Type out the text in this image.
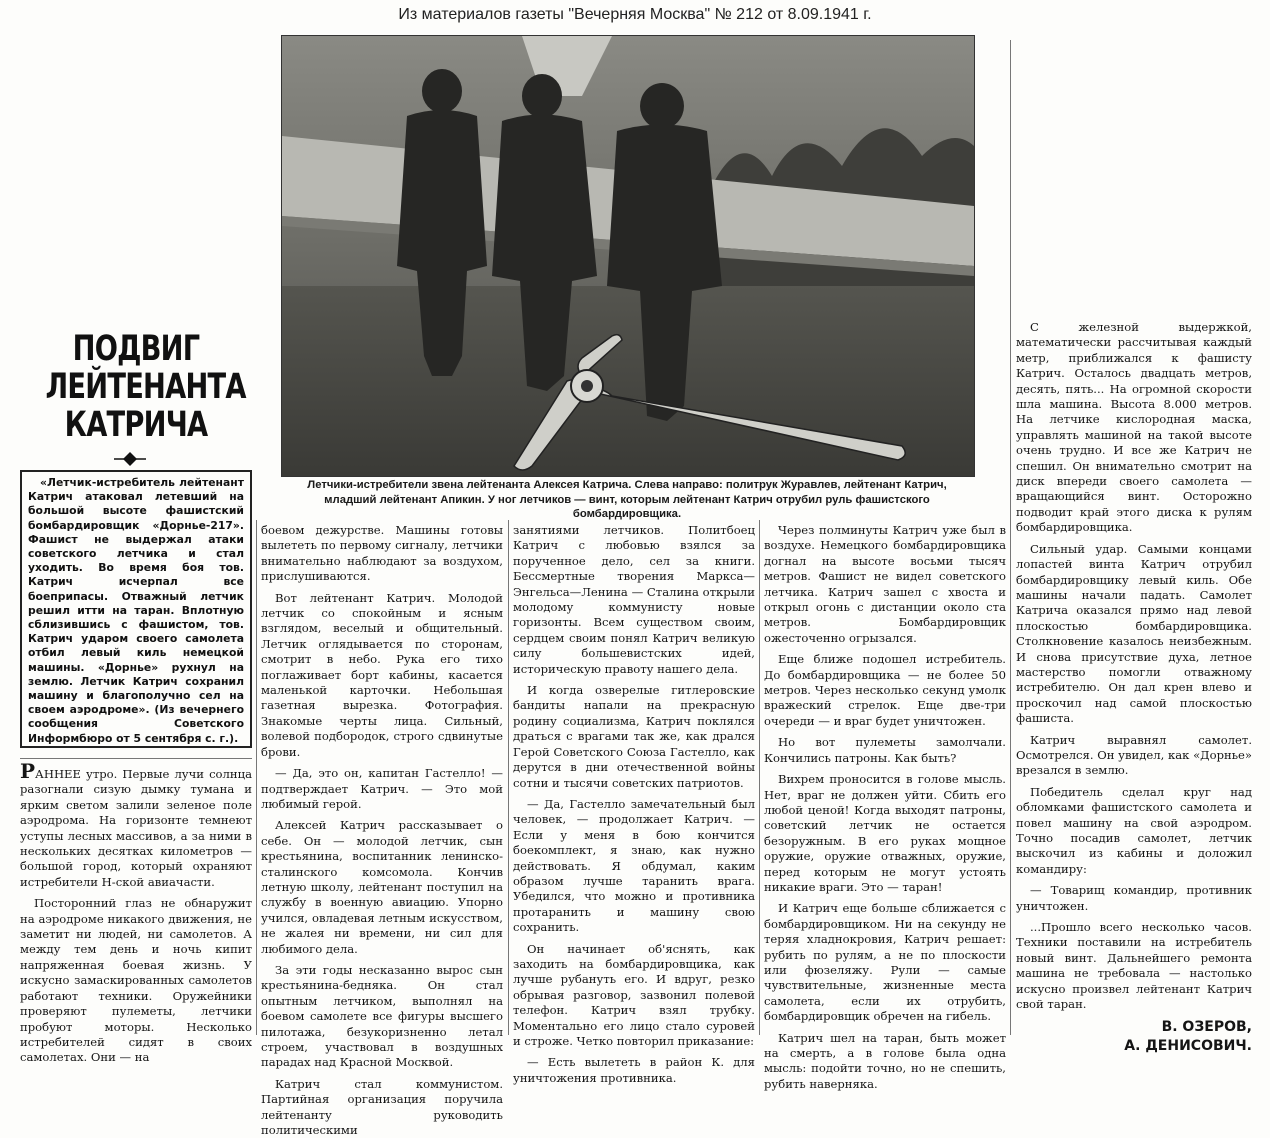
Из материалов газеты "Вечерняя Москва" № 212 от 8.09.1941 г.
Летчики-истребители звена лейтенанта Алексея Катрича. Слева направо: политрук Журавлев, лейтенант Катрич, младший лейтенант Апикин. У ног летчиков — винт, которым лейтенант Катрич отрубил руль фашистского бомбардировщика.
ПОДВИГ
ЛЕЙТЕНАНТА
КАТРИЧА

«Летчик-истребитель лейтенант Катрич атаковал летевший на большой высоте фашистский бомбардировщик «Дорнье-217». Фашист не выдержал атаки советского летчика и стал уходить. Во время боя тов. Катрич исчерпал все боеприпасы. Отважный летчик решил итти на таран. Вплотную сблизившись с фашистом, тов. Катрич ударом своего самолета отбил левый киль немецкой машины. «Дорнье» рухнул на землю. Летчик Катрич сохранил машину и благополучно сел на своем аэродроме». (Из вечернего сообщения Советского Информбюро от 5 сентября с. г.).

РАННЕЕ утро. Первые лучи солнца разогнали сизую дымку тумана и ярким светом залили зеленое поле аэродрома. На горизонте темнеют уступы лесных массивов, а за ними в нескольких десятках километров — большой город, который охраняют истребители Н-ской авиачасти.

Посторонний глаз не обнаружит на аэродроме никакого движения, не заметит ни людей, ни самолетов. А между тем день и ночь кипит напряженная боевая жизнь. У искусно замаскированных самолетов работают техники. Оружейники проверяют пулеметы, летчики пробуют моторы. Несколько истребителей сидят в своих самолетах. Они — на

боевом дежурстве. Машины готовы вылететь по первому сигналу, летчики внимательно наблюдают за воздухом, прислушиваются.

Вот лейтенант Катрич. Молодой летчик со спокойным и ясным взглядом, веселый и общительный. Летчик оглядывается по сторонам, смотрит в небо. Рука его тихо поглаживает борт кабины, касается маленькой карточки. Небольшая газетная вырезка. Фотография. Знакомые черты лица. Сильный, волевой подбородок, строго сдвинутые брови.

— Да, это он, капитан Гастелло! — подтверждает Катрич. — Это мой любимый герой.

Алексей Катрич рассказывает о себе. Он — молодой летчик, сын крестьянина, воспитанник ленинско-сталинского комсомола. Кончив летную школу, лейтенант поступил на службу в военную авиацию. Упорно учился, овладевая летным искусством, не жалея ни времени, ни сил для любимого дела.

За эти годы несказанно вырос сын крестьянина-бедняка. Он стал опытным летчиком, выполнял на боевом самолете все фигуры высшего пилотажа, безукоризненно летал строем, участвовал в воздушных парадах над Красной Москвой.

Катрич стал коммунистом. Партийная организация поручила лейтенанту руководить политическими

занятиями летчиков. Политбоец Катрич с любовью взялся за порученное дело, сел за книги. Бессмертные творения Маркса—Энгельса—Ленина — Сталина открыли молодому коммунисту новые горизонты. Всем существом своим, сердцем своим понял Катрич великую силу большевистских идей, историческую правоту нашего дела.

И когда озверелые гитлеровские бандиты напали на прекрасную родину социализма, Катрич поклялся драться с врагами так же, как дрался Герой Советского Союза Гастелло, как дерутся в дни отечественной войны сотни и тысячи советских патриотов.

— Да, Гастелло замечательный был человек, — продолжает Катрич. — Если у меня в бою кончится боекомплект, я знаю, как нужно действовать. Я обдумал, каким образом лучше таранить врага. Убедился, что можно и противника протаранить и машину свою сохранить.

Он начинает об'яснять, как заходить на бомбардировщика, как лучше рубануть его. И вдруг, резко обрывая разговор, зазвонил полевой телефон. Катрич взял трубку. Моментально его лицо стало суровей и строже. Четко повторил приказание:

— Есть вылететь в район К. для уничтожения противника.

Через полминуты Катрич уже был в воздухе. Немецкого бомбардировщика догнал на высоте восьми тысяч метров. Фашист не видел советского летчика. Катрич зашел с хвоста и открыл огонь с дистанции около ста метров. Бомбардировщик ожесточенно огрызался.

Еще ближе подошел истребитель. До бомбардировщика — не более 50 метров. Через несколько секунд умолк вражеский стрелок. Еще две-три очереди — и враг будет уничтожен.

Но вот пулеметы замолчали. Кончились патроны. Как быть?

Вихрем проносится в голове мысль. Нет, враг не должен уйти. Сбить его любой ценой! Когда выходят патроны, советский летчик не остается безоружным. В его руках мощное оружие, оружие отважных, оружие, перед которым не могут устоять никакие враги. Это — таран!

И Катрич еще больше сближается с бомбардировщиком. Ни на секунду не теряя хладнокровия, Катрич решает: рубить по рулям, а не по плоскости или фюзеляжу. Рули — самые чувствительные, жизненные места самолета, если их отрубить, бомбардировщик обречен на гибель.

Катрич шел на таран, быть может на смерть, а в голове была одна мысль: подойти точно, но не спешить, рубить наверняка.

С железной выдержкой, математически рассчитывая каждый метр, приближался к фашисту Катрич. Осталось двадцать метров, десять, пять... На огромной скорости шла машина. Высота 8.000 метров. На летчике кислородная маска, управлять машиной на такой высоте очень трудно. И все же Катрич не спешил. Он внимательно смотрит на диск впереди своего самолета — вращающийся винт. Осторожно подводит край этого диска к рулям бомбардировщика.

Сильный удар. Самыми концами лопастей винта Катрич отрубил бомбардировщику левый киль. Обе машины начали падать. Самолет Катрича оказался прямо над левой плоскостью бомбардировщика. Столкновение казалось неизбежным. И снова присутствие духа, летное мастерство помогли отважному истребителю. Он дал крен влево и проскочил над самой плоскостью фашиста.

Катрич выравнял самолет. Осмотрелся. Он увидел, как «Дорнье» врезался в землю.

Победитель сделал круг над обломками фашистского самолета и повел машину на свой аэродром. Точно посадив самолет, летчик выскочил из кабины и доложил командиру:

— Товарищ командир, противник уничтожен.

...Прошло всего несколько часов. Техники поставили на истребитель новый винт. Дальнейшего ремонта машина не требовала — настолько искусно произвел лейтенант Катрич свой таран.

В. ОЗЕРОВ,
А. ДЕНИСОВИЧ.
